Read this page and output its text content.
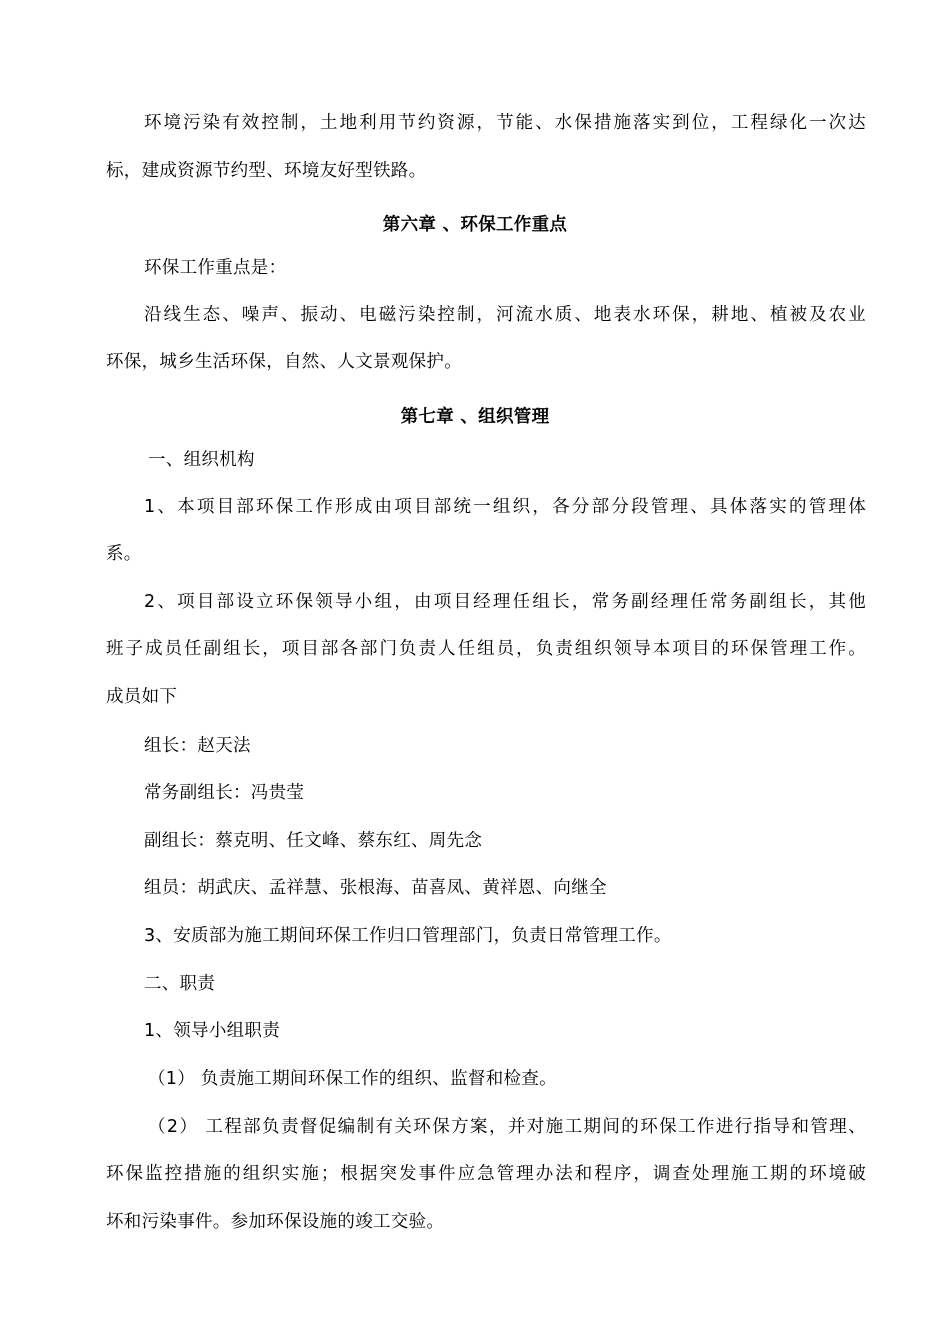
环境污染有效控制，土地利用节约资源，节能、水保措施落实到位，工程绿化一次达
标，建成资源节约型、环境友好型铁路。
第六章 、环保工作重点
环保工作重点是：
沿线生态、噪声、振动、电磁污染控制，河流水质、地表水环保，耕地、植被及农业
环保，城乡生活环保，自然、人文景观保护。
第七章 、组织管理
一、组织机构
1、本项目部环保工作形成由项目部统一组织，各分部分段管理、具体落实的管理体
系。
2、项目部设立环保领导小组，由项目经理任组长，常务副经理任常务副组长，其他
班子成员任副组长，项目部各部门负责人任组员，负责组织领导本项目的环保管理工作。
成员如下
组长：赵天法
常务副组长：冯贵莹
副组长：蔡克明、任文峰、蔡东红、周先念
组员：胡武庆、孟祥慧、张根海、苗喜凤、黄祥恩、向继全
3、安质部为施工期间环保工作归口管理部门，负责日常管理工作。
二、职责
1、领导小组职责
（1） 负责施工期间环保工作的组织、监督和检查。
（2） 工程部负责督促编制有关环保方案，并对施工期间的环保工作进行指导和管理、
环保监控措施的组织实施；根据突发事件应急管理办法和程序，调查处理施工期的环境破
坏和污染事件。参加环保设施的竣工交验。
